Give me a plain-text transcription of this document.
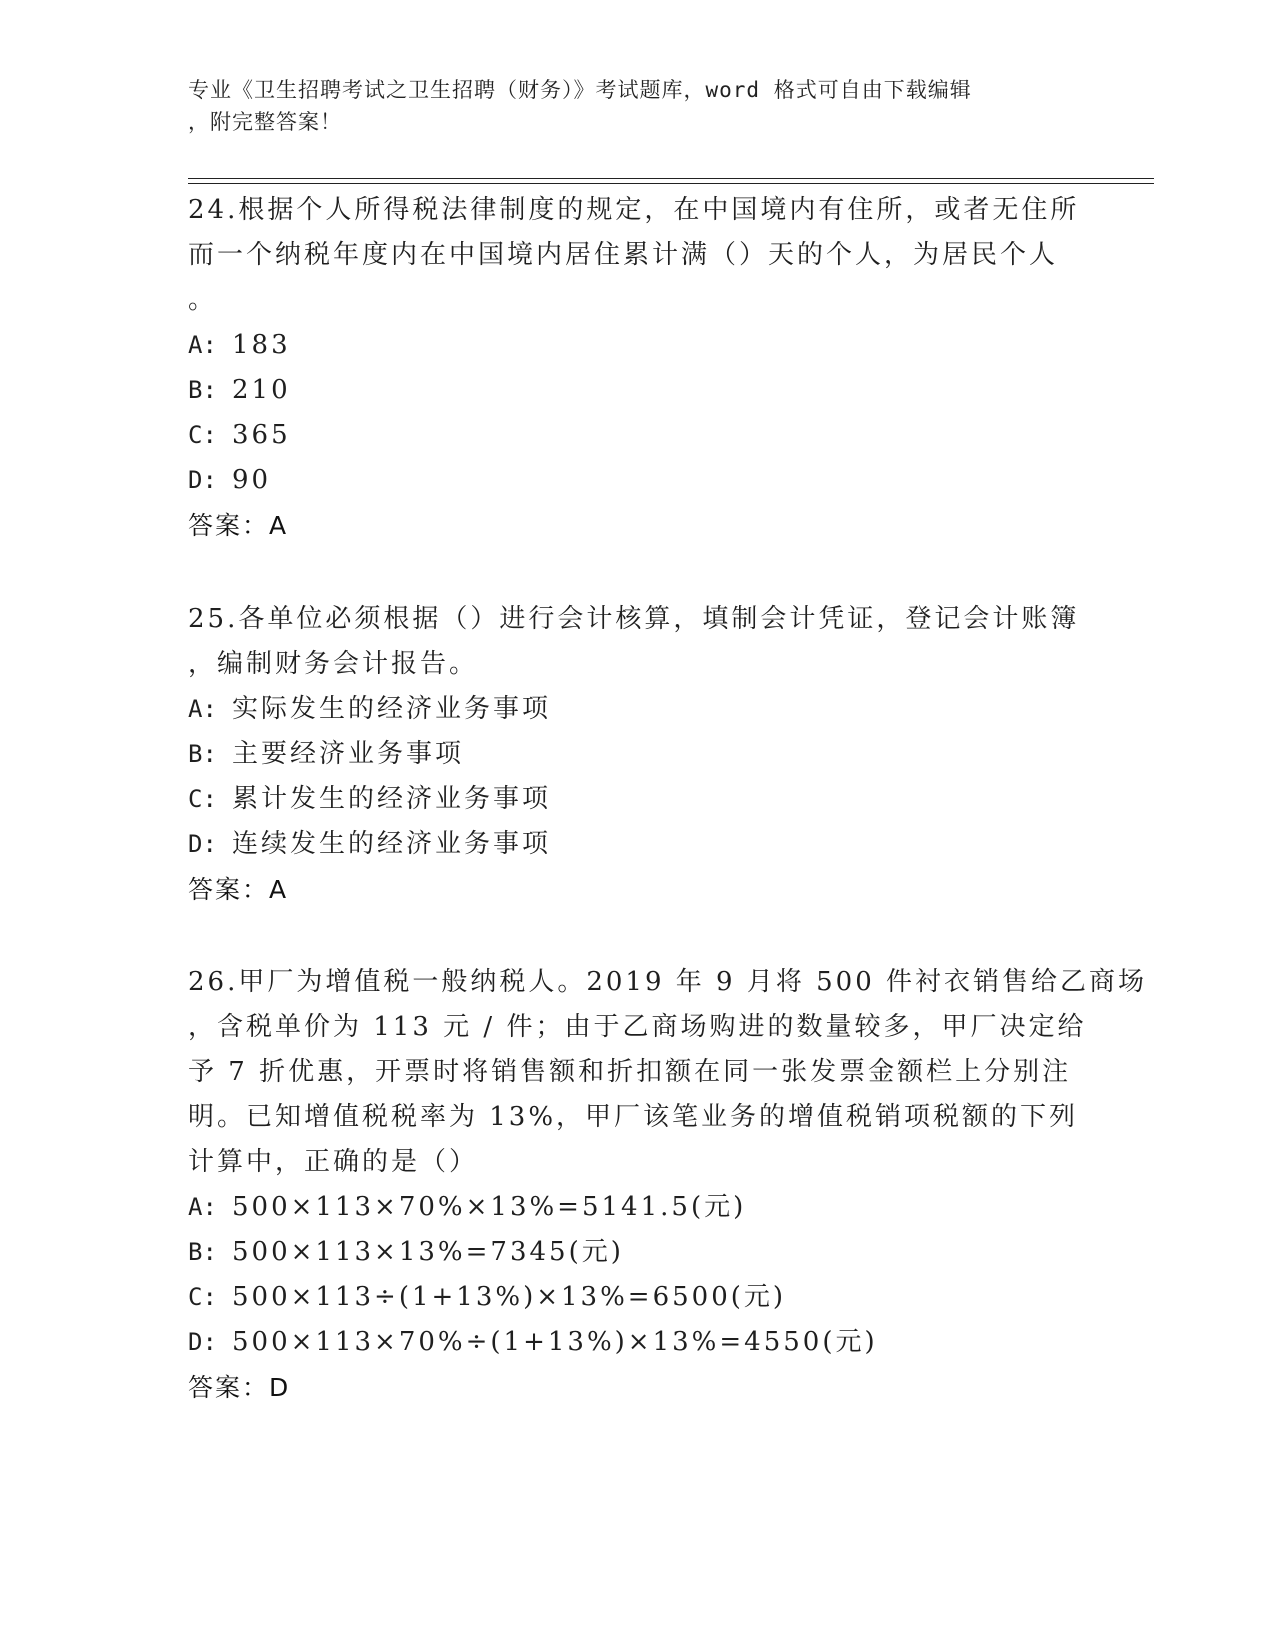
专业《卫生招聘考试之卫生招聘（财务）》考试题库，word 格式可自由下载编辑
，附完整答案！
24.根据个人所得税法律制度的规定，在中国境内有住所，或者无住所
而一个纳税年度内在中国境内居住累计满（）天的个人，为居民个人
。
A: 183
B: 210
C: 365
D: 90
答案：A
25.各单位必须根据（）进行会计核算，填制会计凭证，登记会计账簿
，编制财务会计报告。
A: 实际发生的经济业务事项
B: 主要经济业务事项
C: 累计发生的经济业务事项
D: 连续发生的经济业务事项
答案：A
26.甲厂为增值税一般纳税人。2019 年 9 月将 500 件衬衣销售给乙商场
，含税单价为 113 元 / 件；由于乙商场购进的数量较多，甲厂决定给
予 7 折优惠，开票时将销售额和折扣额在同一张发票金额栏上分别注
明。已知增值税税率为 13%，甲厂该笔业务的增值税销项税额的下列
计算中，正确的是（）
A: 500×113×70%×13%=5141.5(元)
B: 500×113×13%=7345(元)
C: 500×113÷(1+13%)×13%=6500(元)
D: 500×113×70%÷(1+13%)×13%=4550(元)
答案：D
